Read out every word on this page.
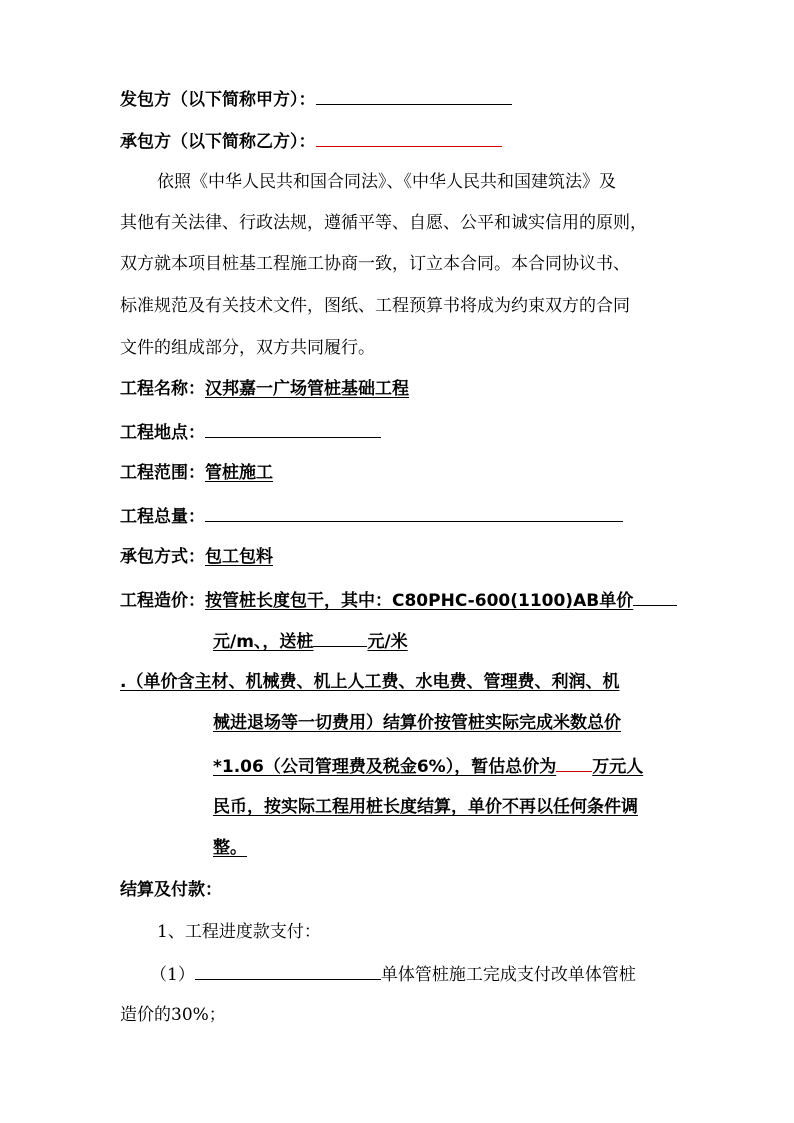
发包方（以下简称甲方）：
承包方（以下简称乙方）：
依照《中华人民共和国合同法》、《中华人民共和国建筑法》及
其他有关法律、行政法规，遵循平等、自愿、公平和诚实信用的原则，
双方就本项目桩基工程施工协商一致，订立本合同。本合同协议书、
标准规范及有关技术文件，图纸、工程预算书将成为约束双方的合同
文件的组成部分，双方共同履行。
工程名称：汉邦嘉一广场管桩基础工程
工程地点：
工程范围：管桩施工
工程总量：
承包方式：包工包料
工程造价：按管桩长度包干，其中：C80PHC-600(1100)AB单价
元/m、，送桩	元/米
.（单价含主材、机械费、机上人工费、水电费、管理费、利润、机
械进退场等一切费用）结算价按管桩实际完成米数总价
*1.06（公司管理费及税金6%），暂估总价为 万元人
民币，按实际工程用桩长度结算，单价不再以任何条件调
整。
结算及付款：
1、工程进度款支付：
（1）	单体管桩施工完成支付改单体管桩
造价的30%；
